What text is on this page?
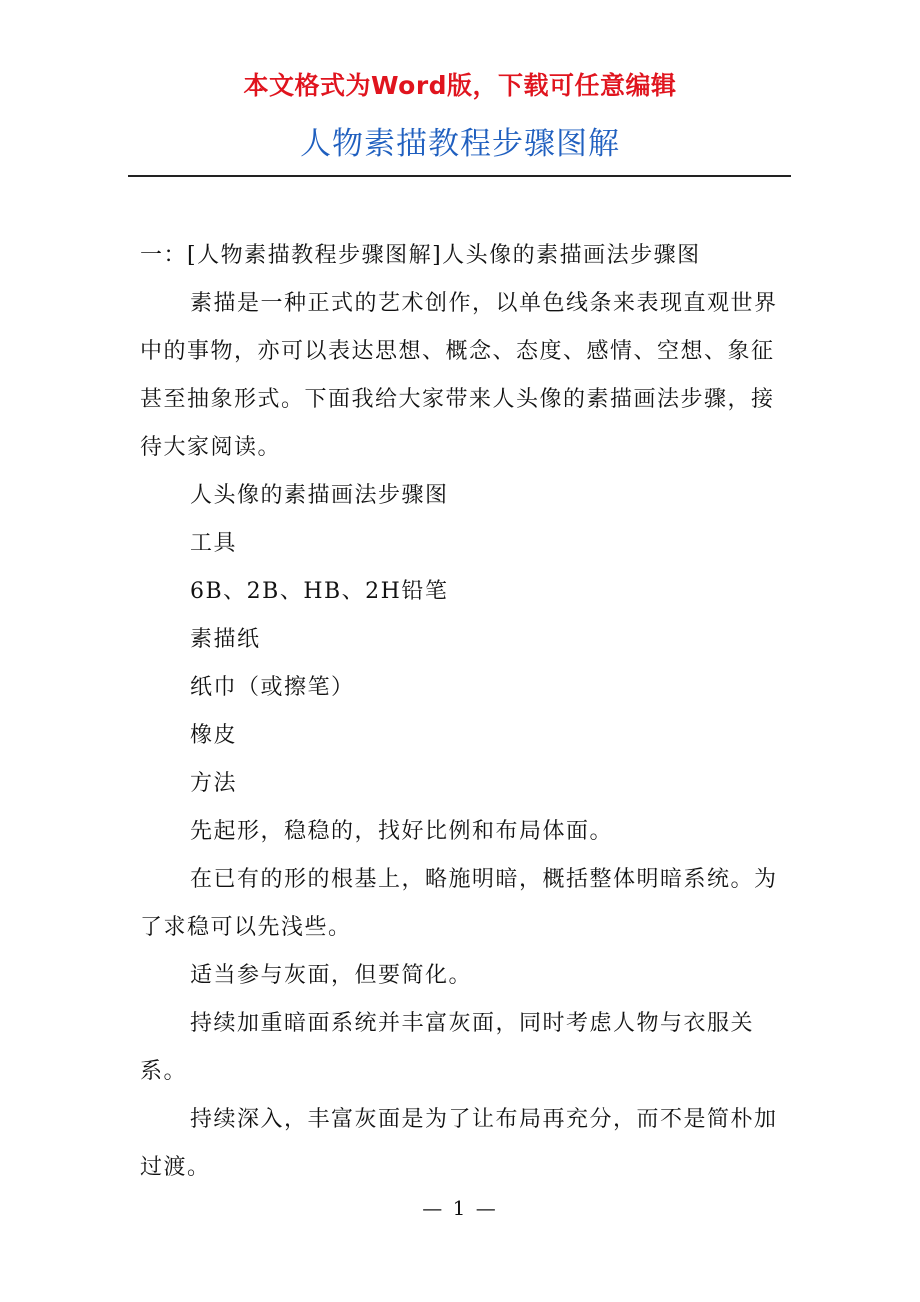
本文格式为Word版，下载可任意编辑
人物素描教程步骤图解

一：[人物素描教程步骤图解]人头像的素描画法步骤图

素描是一种正式的艺术创作，以单色线条来表现直观世界中的事物，亦可以表达思想、概念、态度、感情、空想、象征甚至抽象形式。下面我给大家带来人头像的素描画法步骤，接待大家阅读。

人头像的素描画法步骤图

工具

6B、2B、HB、2H铅笔

素描纸

纸巾（或擦笔）

橡皮

方法

先起形，稳稳的，找好比例和布局体面。

在已有的形的根基上，略施明暗，概括整体明暗系统。为了求稳可以先浅些。

适当参与灰面，但要简化。

持续加重暗面系统并丰富灰面，同时考虑人物与衣服关系。

持续深入，丰富灰面是为了让布局再充分，而不是简朴加过渡。

— 1 —
